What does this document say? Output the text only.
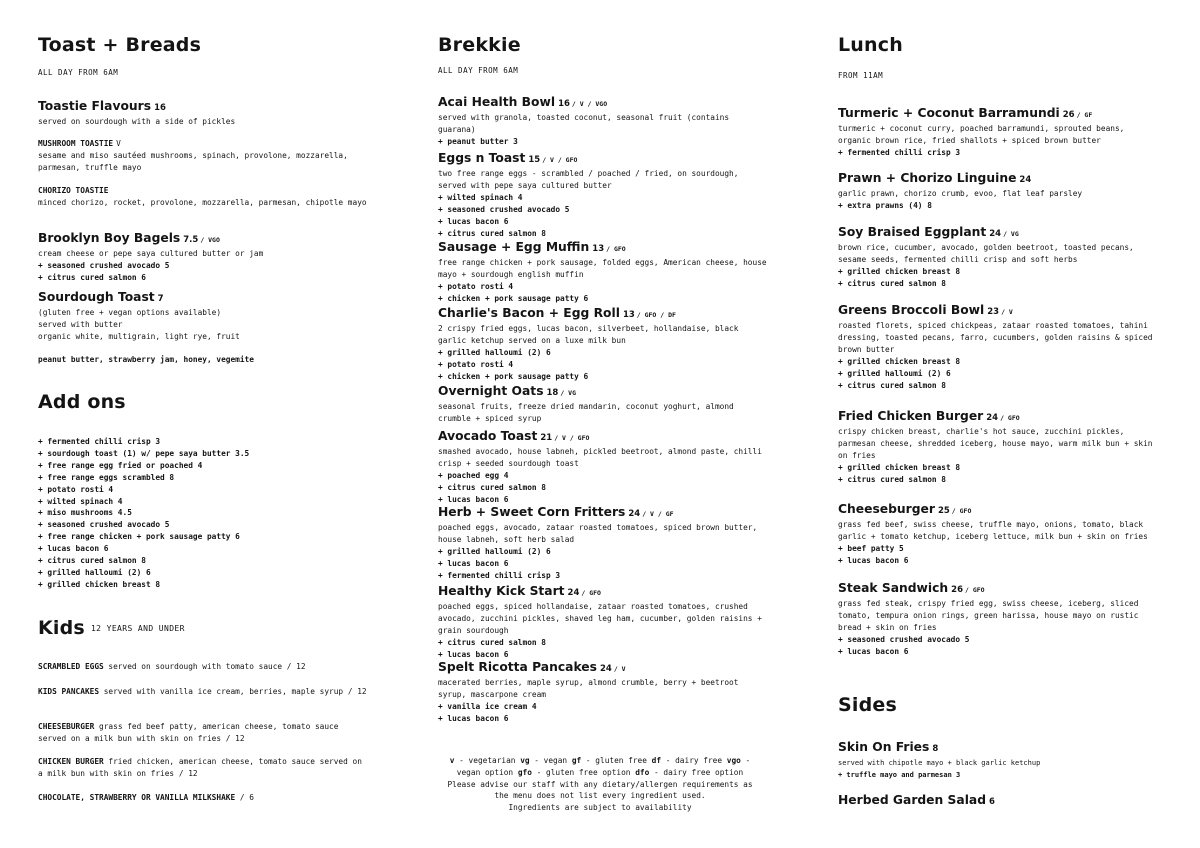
Toast + Breads
ALL DAY FROM 6AM
Toastie Flavours 16
served on sourdough with a side of pickles
MUSHROOM TOASTIE V
sesame and miso sautéed mushrooms, spinach, provolone, mozzarella, parmesan, truffle mayo
CHORIZO TOASTIE
minced chorizo, rocket, provolone, mozzarella, parmesan, chipotle mayo
Brooklyn Boy Bagels 7.5 / VGO
cream cheese or pepe saya cultured butter or jam
+ seasoned crushed avocado 5
+ citrus cured salmon 6
Sourdough Toast 7
(gluten free + vegan options available)
served with butter
organic white, multigrain, light rye, fruit
peanut butter, strawberry jam, honey, vegemite
Add ons
+ fermented chilli crisp 3
+ sourdough toast (1) w/ pepe saya butter 3.5
+ free range egg fried or poached 4
+ free range eggs scrambled 8
+ potato rosti 4
+ wilted spinach 4
+ miso mushrooms 4.5
+ seasoned crushed avocado 5
+ free range chicken + pork sausage patty 6
+ lucas bacon 6
+ citrus cured salmon 8
+ grilled halloumi (2) 6
+ grilled chicken breast 8
Kids 12 YEARS AND UNDER
SCRAMBLED EGGS served on sourdough with tomato sauce / 12
KIDS PANCAKES served with vanilla ice cream, berries, maple syrup / 12
CHEESEBURGER grass fed beef patty, american cheese, tomato sauce served on a milk bun with skin on fries / 12
CHICKEN BURGER fried chicken, american cheese, tomato sauce served on a milk bun with skin on fries / 12
CHOCOLATE, STRAWBERRY OR VANILLA MILKSHAKE / 6
Brekkie
ALL DAY FROM 6AM
Acai Health Bowl 16 / V / VGO
served with granola, toasted coconut, seasonal fruit (contains guarana)
+ peanut butter 3
Eggs n Toast 15 / V / GFO
two free range eggs - scrambled / poached / fried, on sourdough, served with pepe saya cultured butter
+ wilted spinach 4
+ seasoned crushed avocado 5
+ lucas bacon 6
+ citrus cured salmon 8
Sausage + Egg Muffin 13 / GFO
free range chicken + pork sausage, folded eggs, American cheese, house mayo + sourdough english muffin
+ potato rosti 4
+ chicken + pork sausage patty 6
Charlie's Bacon + Egg Roll 13 / GFO / DF
2 crispy fried eggs, lucas bacon, silverbeet, hollandaise, black garlic ketchup served on a luxe milk bun
+ grilled halloumi (2) 6
+ potato rosti 4
+ chicken + pork sausage patty 6
Overnight Oats 18 / VG
seasonal fruits, freeze dried mandarin, coconut yoghurt, almond crumble + spiced syrup
Avocado Toast 21 / V / GFO
smashed avocado, house labneh, pickled beetroot, almond paste, chilli crisp + seeded sourdough toast
+ poached egg 4
+ citrus cured salmon 8
+ lucas bacon 6
Herb + Sweet Corn Fritters 24 / V / GF
poached eggs, avocado, zataar roasted tomatoes, spiced brown butter, house labneh, soft herb salad
+ grilled halloumi (2) 6
+ lucas bacon 6
+ fermented chilli crisp 3
Healthy Kick Start 24 / GFO
poached eggs, spiced hollandaise, zataar roasted tomatoes, crushed avocado, zucchini pickles, shaved leg ham, cucumber, golden raisins + grain sourdough
+ citrus cured salmon 8
+ lucas bacon 6
Spelt Ricotta Pancakes 24 / V
macerated berries, maple syrup, almond crumble, berry + beetroot syrup, mascarpone cream
+ vanilla ice cream 4
+ lucas bacon 6
v - vegetarian vg - vegan gf - gluten free df - dairy free vgo -
vegan option gfo - gluten free option dfo - dairy free option
Please advise our staff with any dietary/allergen requirements as
the menu does not list every ingredient used.
Ingredients are subject to availability
Lunch
FROM 11AM
Turmeric + Coconut Barramundi 26 / GF
turmeric + coconut curry, poached barramundi, sprouted beans, organic brown rice, fried shallots + spiced brown butter
+ fermented chilli crisp 3
Prawn + Chorizo Linguine 24
garlic prawn, chorizo crumb, evoo, flat leaf parsley
+ extra prawns (4) 8
Soy Braised Eggplant 24 / VG
brown rice, cucumber, avocado, golden beetroot, toasted pecans, sesame seeds, fermented chilli crisp and soft herbs
+ grilled chicken breast 8
+ citrus cured salmon 8
Greens Broccoli Bowl 23 / V
roasted florets, spiced chickpeas, zataar roasted tomatoes, tahini dressing, toasted pecans, farro, cucumbers, golden raisins & spiced brown butter
+ grilled chicken breast 8
+ grilled halloumi (2) 6
+ citrus cured salmon 8
Fried Chicken Burger 24 / GFO
crispy chicken breast, charlie's hot sauce, zucchini pickles, parmesan cheese, shredded iceberg, house mayo, warm milk bun + skin on fries
+ grilled chicken breast 8
+ citrus cured salmon 8
Cheeseburger 25 / GFO
grass fed beef, swiss cheese, truffle mayo, onions, tomato, black garlic + tomato ketchup, iceberg lettuce, milk bun + skin on fries
+ beef patty 5
+ lucas bacon 6
Steak Sandwich 26 / GFO
grass fed steak, crispy fried egg, swiss cheese, iceberg, sliced tomato, tempura onion rings, green harissa, house mayo on rustic bread + skin on fries
+ seasoned crushed avocado 5
+ lucas bacon 6
Sides
Skin On Fries 8
served with chipotle mayo + black garlic ketchup
+ truffle mayo and parmesan 3
Herbed Garden Salad 6
